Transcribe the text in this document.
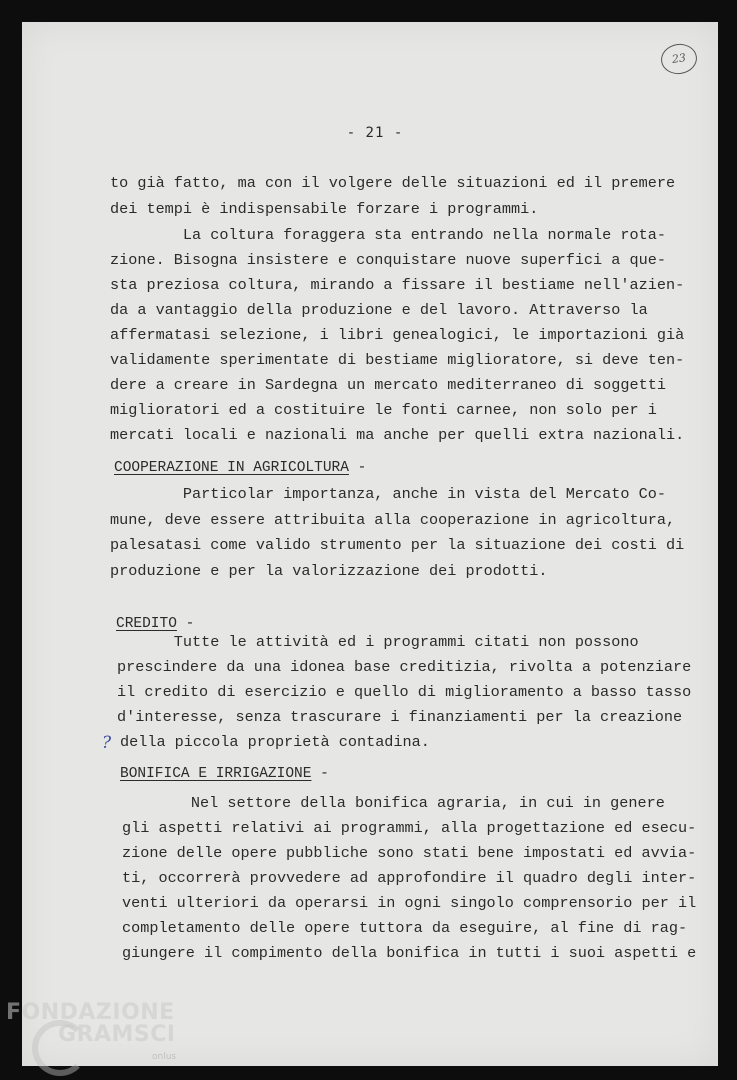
23
- 21 -
to già fatto, ma con il volgere delle situazioni ed il premere
dei tempi è indispensabile forzare i programmi.
La coltura foraggera sta entrando nella normale rota-
zione. Bisogna insistere e conquistare nuove superfici a que-
sta preziosa coltura, mirando a fissare il bestiame nell'azien-
da a vantaggio della produzione e del lavoro. Attraverso la
affermatasi selezione, i libri genealogici, le importazioni già
validamente sperimentate di bestiame miglioratore, si deve ten-
dere a creare in Sardegna un mercato mediterraneo di soggetti
miglioratori ed a costituire le fonti carnee, non solo per i
mercati locali e nazionali ma anche per quelli extra nazionali.
COOPERAZIONE IN AGRICOLTURA -
Particolar importanza, anche in vista del Mercato Co-
mune, deve essere attribuita alla cooperazione in agricoltura,
palesatasi come valido strumento per la situazione dei costi di
produzione e per la valorizzazione dei prodotti.
CREDITO -
Tutte le attività ed i programmi citati non possono
prescindere da una idonea base creditizia, rivolta a potenziare
il credito di esercizio e quello di miglioramento a basso tasso
d'interesse, senza trascurare i finanziamenti per la creazione
della piccola proprietà contadina.
?
BONIFICA E IRRIGAZIONE -
Nel settore della bonifica agraria, in cui in genere
gli aspetti relativi ai programmi, alla progettazione ed esecu-
zione delle opere pubbliche sono stati bene impostati ed avvia-
ti, occorrerà provvedere ad approfondire il quadro degli inter-
venti ulteriori da operarsi in ogni singolo comprensorio per il
completamento delle opere tuttora da eseguire, al fine di rag-
giungere il compimento della bonifica in tutti i suoi aspetti e
FONDAZIONE
GRAMSCI
onlus
